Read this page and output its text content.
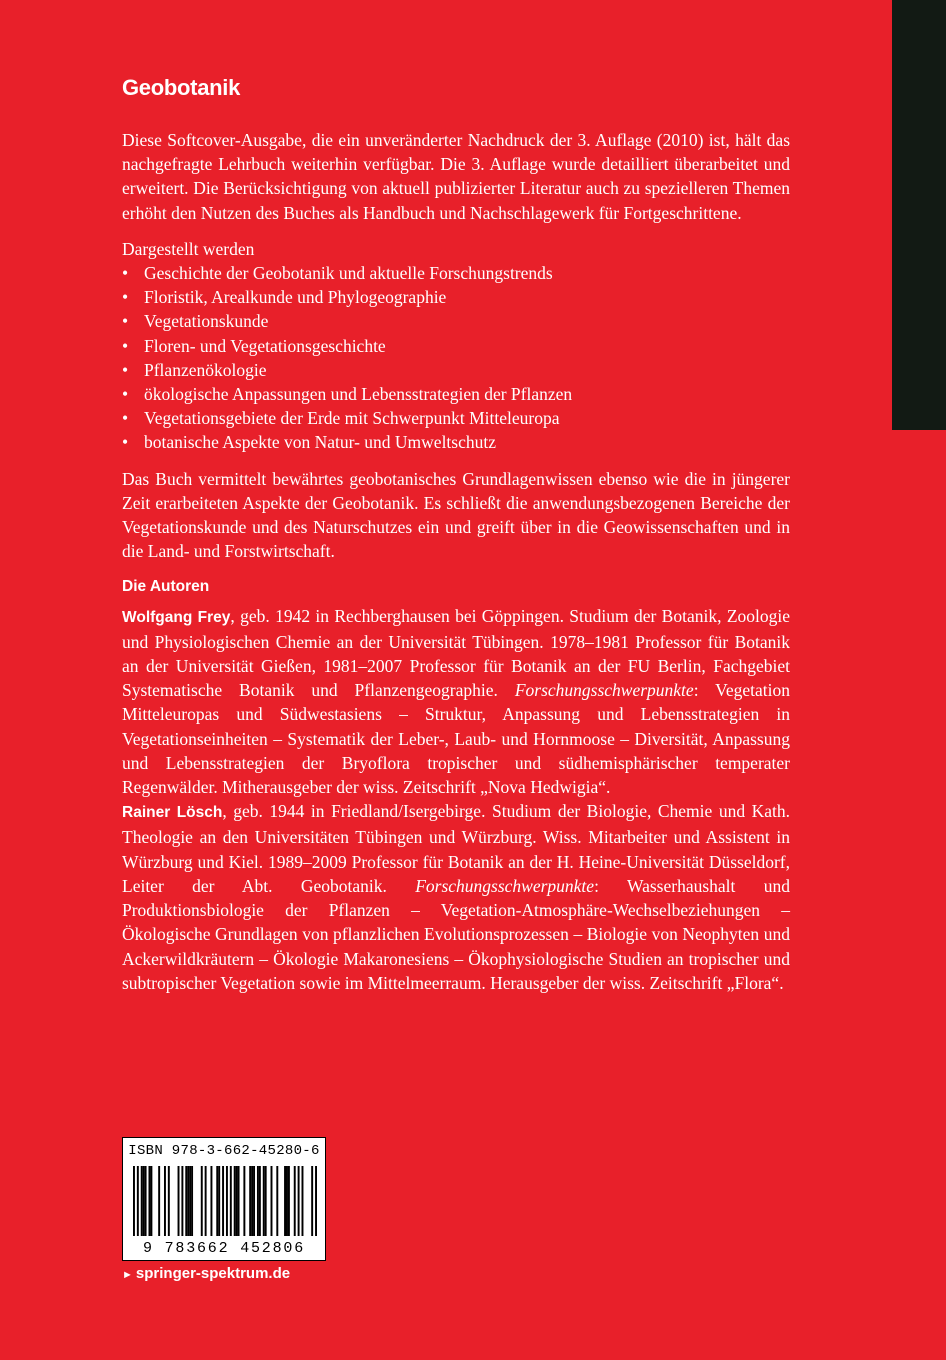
Geobotanik

Diese Softcover-Ausgabe, die ein unveränderter Nachdruck der 3. Auflage (2010) ist, hält das nachgefragte Lehrbuch weiterhin verfügbar. Die 3. Auflage wurde detailliert überarbeitet und erweitert. Die Berücksichtigung von aktuell publizierter Literatur auch zu spezielleren Themen erhöht den Nutzen des Buches als Handbuch und Nachschlagewerk für Fortgeschrittene.

Dargestellt werden

• Geschichte der Geobotanik und aktuelle Forschungstrends
• Floristik, Arealkunde und Phylogeographie
• Vegetationskunde
• Floren- und Vegetationsgeschichte
• Pflanzenökologie
• ökologische Anpassungen und Lebensstrategien der Pflanzen
• Vegetationsgebiete der Erde mit Schwerpunkt Mitteleuropa
• botanische Aspekte von Natur- und Umweltschutz

Das Buch vermittelt bewährtes geobotanisches Grundlagenwissen ebenso wie die in jüngerer Zeit erarbeiteten Aspekte der Geobotanik. Es schließt die anwendungsbezogenen Bereiche der Vegetationskunde und des Naturschutzes ein und greift über in die Geowissenschaften und in die Land- und Forstwirtschaft.

Die Autoren

Wolfgang Frey, geb. 1942 in Rechberghausen bei Göppingen. Studium der Botanik, Zoologie und Physiologischen Chemie an der Universität Tübingen. 1978–1981 Professor für Botanik an der Universität Gießen, 1981–2007 Professor für Botanik an der FU Berlin, Fachgebiet Systematische Botanik und Pflanzengeographie. Forschungsschwerpunkte: Vegetation Mitteleuropas und Südwestasiens – Struktur, Anpassung und Lebensstrategien in Vegetationseinheiten – Systematik der Leber-, Laub- und Hornmoose – Diversität, Anpassung und Lebensstrategien der Bryoflora tropischer und südhemisphärischer temperater Regenwälder. Mitherausgeber der wiss. Zeitschrift „Nova Hedwigia“.

Rainer Lösch, geb. 1944 in Friedland/Isergebirge. Studium der Biologie, Chemie und Kath. Theologie an den Universitäten Tübingen und Würzburg. Wiss. Mitarbeiter und Assistent in Würzburg und Kiel. 1989–2009 Professor für Botanik an der H. Heine-Universität Düsseldorf, Leiter der Abt. Geobotanik. Forschungsschwerpunkte: Wasserhaushalt und Produktionsbiologie der Pflanzen – Vegetation-Atmosphäre-Wechselbeziehungen – Ökologische Grundlagen von pflanzlichen Evolutionsprozessen – Biologie von Neophyten und Ackerwildkräutern – Ökologie Makaronesiens – Ökophysiologische Studien an tropischer und subtropischer Vegetation sowie im Mittelmeerraum. Herausgeber der wiss. Zeitschrift „Flora“.

ISBN 978-3-662-45280-6
9 783662 452806
► springer-spektrum.de
